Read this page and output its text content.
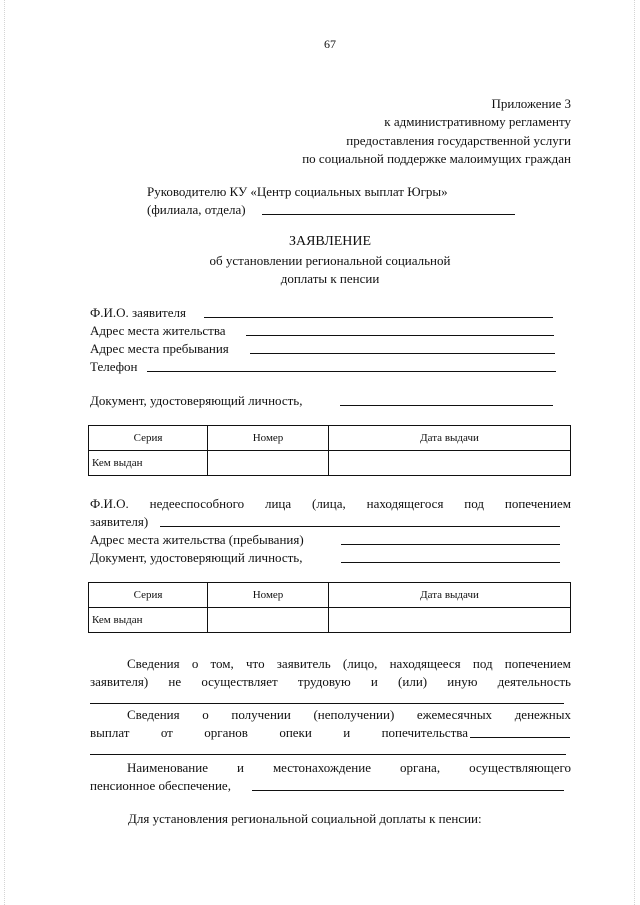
67
Приложение 3
к административному регламенту
предоставления государственной услуги
по социальной поддержке малоимущих граждан
Руководителю КУ «Центр социальных выплат Югры»
(филиала, отдела)
ЗАЯВЛЕНИЕ
об установлении региональной социальной
доплаты к пенсии
Ф.И.О. заявителя
Адрес места жительства
Адрес места пребывания
Телефон
Документ, удостоверяющий личность,
Серия	Номер	Дата выдачи
Кем выдан		
Ф.И.О. недееспособного лица (лица, находящегося под попечением
заявителя)
Адрес места жительства (пребывания)
Документ, удостоверяющий личность,
Серия	Номер	Дата выдачи
Кем выдан		
Сведения о том, что заявитель (лицо, находящееся под попечением
заявителя) не осуществляет трудовую и (или) иную деятельность
Сведения о получении (неполучении) ежемесячных денежных
выплат от органов опеки и попечительства
Наименование и местонахождение органа, осуществляющего
пенсионное обеспечение,
Для установления региональной социальной доплаты к пенсии:
